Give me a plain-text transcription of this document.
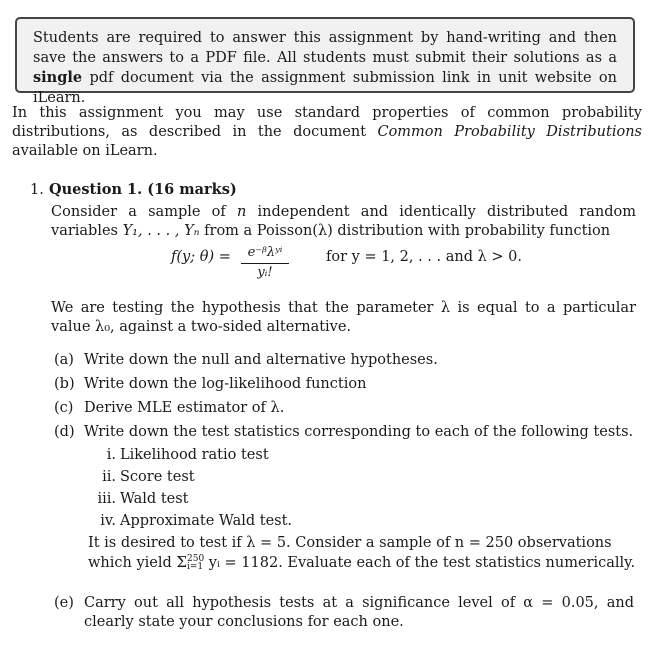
Students are required to answer this assignment by hand-writing and then save the answers to a PDF file. All students must submit their solutions as a single pdf document via the assignment submission link in unit website on iLearn.
In this assignment you may use standard properties of common probability distributions, as described in the document Common Probability Distributions available on iLearn.
1. Question 1. (16 marks)
Consider a sample of n independent and identically distributed random variables Y₁, . . . , Yₙ from a Poisson(λ) distribution with probability function
f(y; θ) =	e⁻ᵝλʸⁱ
yᵢ!
for y = 1, 2, . . . and λ > 0.
We are testing the hypothesis that the parameter λ is equal to a particular value λ₀, against a two-sided alternative.
(a) Write down the null and alternative hypotheses.
(b) Write down the log-likelihood function
(c) Derive MLE estimator of λ.
(d) Write down the test statistics corresponding to each of the following tests.
i. Likelihood ratio test
ii. Score test
iii. Wald test
iv. Approximate Wald test.
It is desired to test if λ = 5. Consider a sample of n = 250 observations which yield Σ250
i=1 yᵢ = 1182. Evaluate each of the test statistics numerically.
(e) Carry out all hypothesis tests at a significance level of α = 0.05, and clearly state your conclusions for each one.
